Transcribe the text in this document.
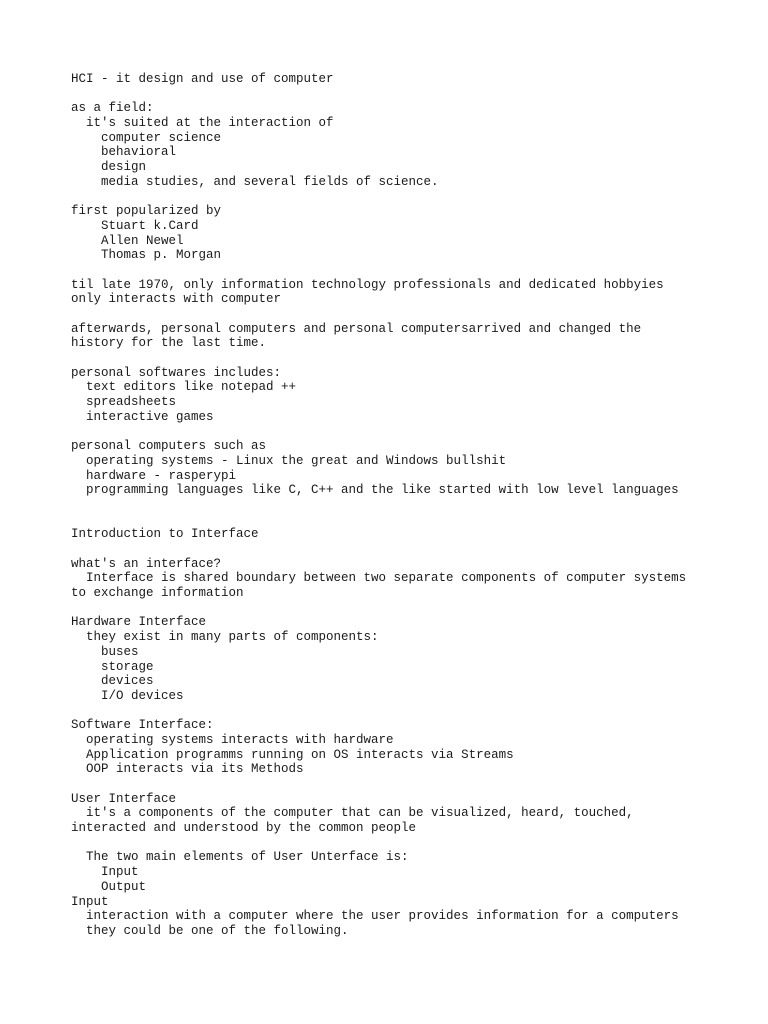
HCI - it design and use of computer
as a field:
it's suited at the interaction of
computer science
behavioral
design
media studies, and several fields of science.
first popularized by
Stuart k.Card
Allen Newel
Thomas p. Morgan
til late 1970, only information technology professionals and dedicated hobbyies
only interacts with computer
afterwards, personal computers and personal computersarrived and changed the
history for the last time.
personal softwares includes:
text editors like notepad ++
spreadsheets
interactive games
personal computers such as
operating systems - Linux the great and Windows bullshit
hardware - rasperypi
programming languages like C, C++ and the like started with low level languages
Introduction to Interface
what's an interface?
Interface is shared boundary between two separate components of computer systems
to exchange information
Hardware Interface
they exist in many parts of components:
buses
storage
devices
I/O devices
Software Interface:
operating systems interacts with hardware
Application programms running on OS interacts via Streams
OOP interacts via its Methods
User Interface
it's a components of the computer that can be visualized, heard, touched,
interacted and understood by the common people
The two main elements of User Unterface is:
Input
Output
Input
interaction with a computer where the user provides information for a computers
they could be one of the following.
